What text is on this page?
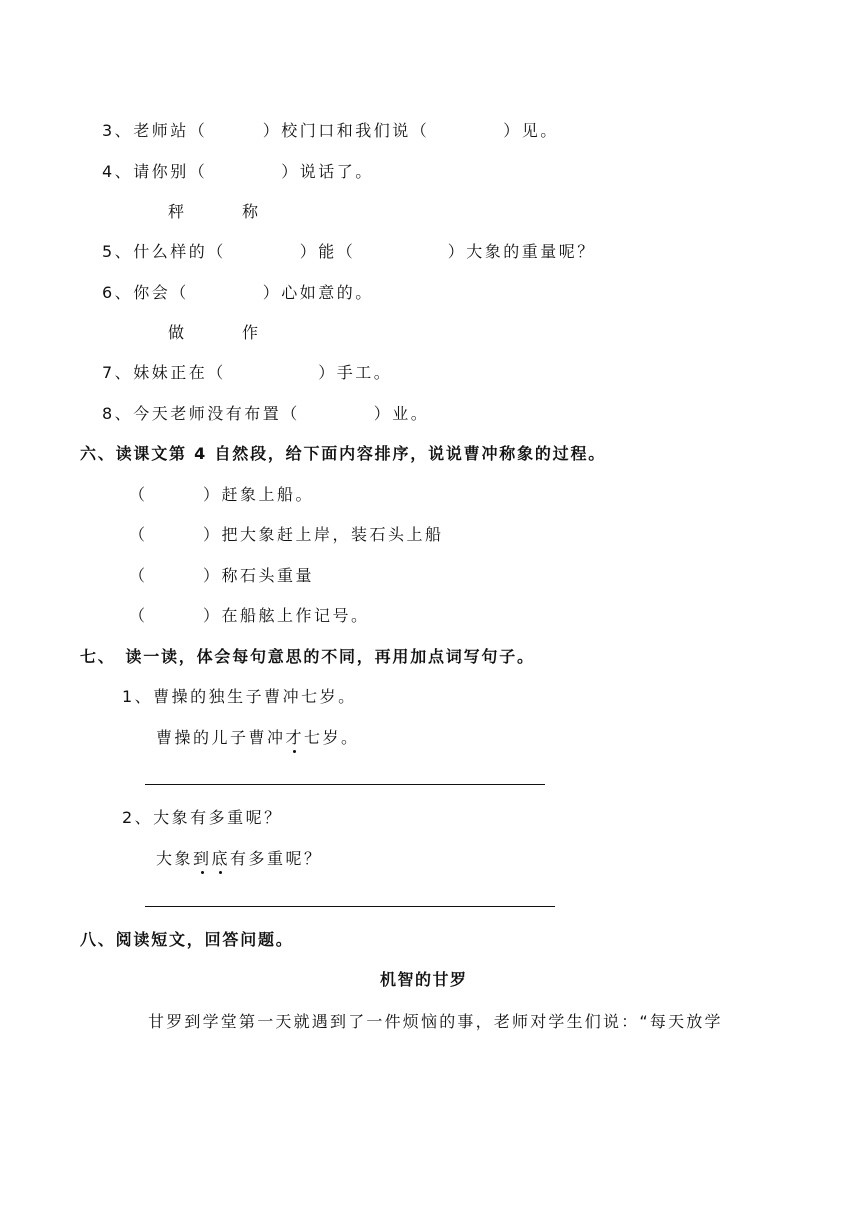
3、老师站（　　　）校门口和我们说（　　　　）见。
4、请你别（　　　　）说话了。
秤　　　称
5、什么样的（　　　　）能（　　　　　）大象的重量呢？
6、你会（　　　　）心如意的。
做　　　作
7、妹妹正在（　　　　　）手工。
8、今天老师没有布置（　　　　）业。
六、读课文第 4 自然段，给下面内容排序，说说曹冲称象的过程。
（　　　）赶象上船。
（　　　）把大象赶上岸，装石头上船
（　　　）称石头重量
（　　　）在船舷上作记号。
七、　读一读，体会每句意思的不同，再用加点词写句子。
1、曹操的独生子曹冲七岁。
曹操的儿子曹冲才七岁。
2、大象有多重呢？
大象到底有多重呢？
八、阅读短文，回答问题。
机智的甘罗
甘罗到学堂第一天就遇到了一件烦恼的事，老师对学生们说：“每天放学
